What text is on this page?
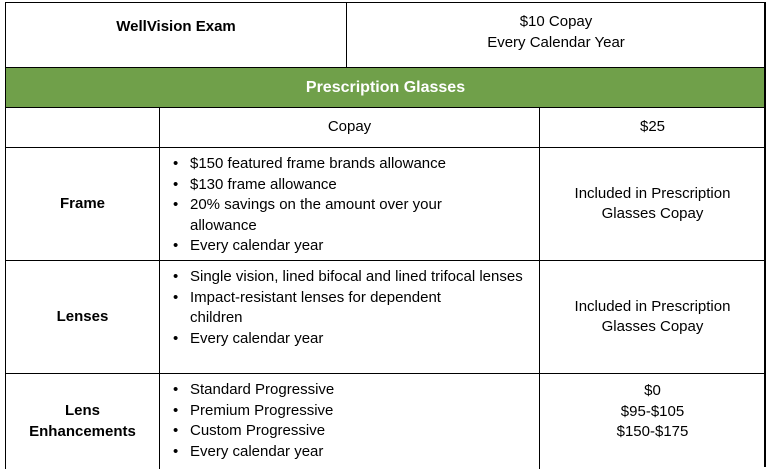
WellVision Exam	$10 Copay
Every Calendar Year
Prescription Glasses
Copay	$25
Frame
• $150 featured frame brands allowance
• $130 frame allowance
• 20% savings on the amount over your allowance
• Every calendar year
Included in Prescription
Glasses Copay
Lenses
• Single vision, lined bifocal and lined trifocal lenses
• Impact-resistant lenses for dependent children
• Every calendar year
Included in Prescription
Glasses Copay
Lens
Enhancements
• Standard Progressive
• Premium Progressive
• Custom Progressive
• Every calendar year
$0
$95-$105
$150-$175
